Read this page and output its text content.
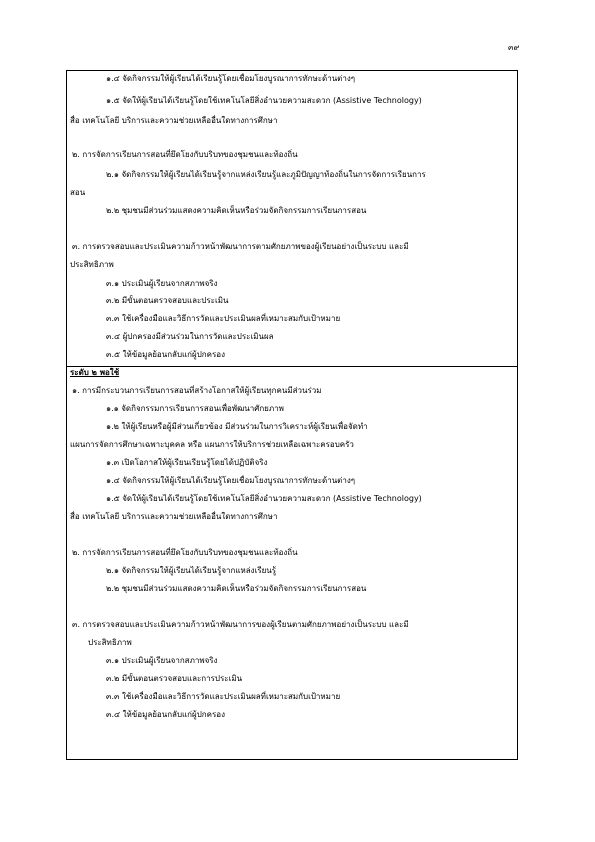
๓๙
๑.๔ จัดกิจกรรมให้ผู้เรียนได้เรียนรู้โดยเชื่อมโยงบูรณาการทักษะด้านต่างๆ
๑.๕ จัดให้ผู้เรียนได้เรียนรู้โดยใช้เทคโนโลยีสิ่งอำนวยความสะดวก (Assistive Technology)
สื่อ เทคโนโลยี บริการและความช่วยเหลืออื่นใดทางการศึกษา
๒. การจัดการเรียนการสอนที่ยึดโยงกับบริบทของชุมชนและท้องถิ่น
๒.๑ จัดกิจกรรมให้ผู้เรียนได้เรียนรู้จากแหล่งเรียนรู้และภูมิปัญญาท้องถิ่นในการจัดการเรียนการ
สอน
๒.๒ ชุมชนมีส่วนร่วมแสดงความคิดเห็นหรือร่วมจัดกิจกรรมการเรียนการสอน
๓. การตรวจสอบและประเมินความก้าวหน้าพัฒนาการตามศักยภาพของผู้เรียนอย่างเป็นระบบ และมี
ประสิทธิภาพ
๓.๑ ประเมินผู้เรียนจากสภาพจริง
๓.๒ มีขั้นตอนตรวจสอบและประเมิน
๓.๓ ใช้เครื่องมือและวิธีการวัดและประเมินผลที่เหมาะสมกับเป้าหมาย
๓.๔ ผู้ปกครองมีส่วนร่วมในการวัดและประเมินผล
๓.๕ ให้ข้อมูลย้อนกลับแก่ผู้ปกครอง
ระดับ ๒ พอใช้
๑. การมีกระบวนการเรียนการสอนที่สร้างโอกาสให้ผู้เรียนทุกคนมีส่วนร่วม
๑.๑ จัดกิจกรรมการเรียนการสอนเพื่อพัฒนาศักยภาพ
๑.๒ ให้ผู้เรียนหรือผู้มีส่วนเกี่ยวข้อง มีส่วนร่วมในการวิเคราะห์ผู้เรียนเพื่อจัดทำ
แผนการจัดการศึกษาเฉพาะบุคคล หรือ แผนการให้บริการช่วยเหลือเฉพาะครอบครัว
๑.๓ เปิดโอกาสให้ผู้เรียนเรียนรู้โดยได้ปฏิบัติจริง
๑.๔ จัดกิจกรรมให้ผู้เรียนได้เรียนรู้โดยเชื่อมโยงบูรณาการทักษะด้านต่างๆ
๑.๕ จัดให้ผู้เรียนได้เรียนรู้โดยใช้เทคโนโลยีสิ่งอำนวยความสะดวก (Assistive Technology)
สื่อ เทคโนโลยี บริการและความช่วยเหลืออื่นใดทางการศึกษา
๒. การจัดการเรียนการสอนที่ยึดโยงกับบริบทของชุมชนและท้องถิ่น
๒.๑ จัดกิจกรรมให้ผู้เรียนได้เรียนรู้จากแหล่งเรียนรู้
๒.๒ ชุมชนมีส่วนร่วมแสดงความคิดเห็นหรือร่วมจัดกิจกรรมการเรียนการสอน
๓. การตรวจสอบและประเมินความก้าวหน้าพัฒนาการของผู้เรียนตามศักยภาพอย่างเป็นระบบ และมี
ประสิทธิภาพ
๓.๑ ประเมินผู้เรียนจากสภาพจริง
๓.๒ มีขั้นตอนตรวจสอบและการประเมิน
๓.๓ ใช้เครื่องมือและวิธีการวัดและประเมินผลที่เหมาะสมกับเป้าหมาย
๓.๔ ให้ข้อมูลย้อนกลับแก่ผู้ปกครอง
